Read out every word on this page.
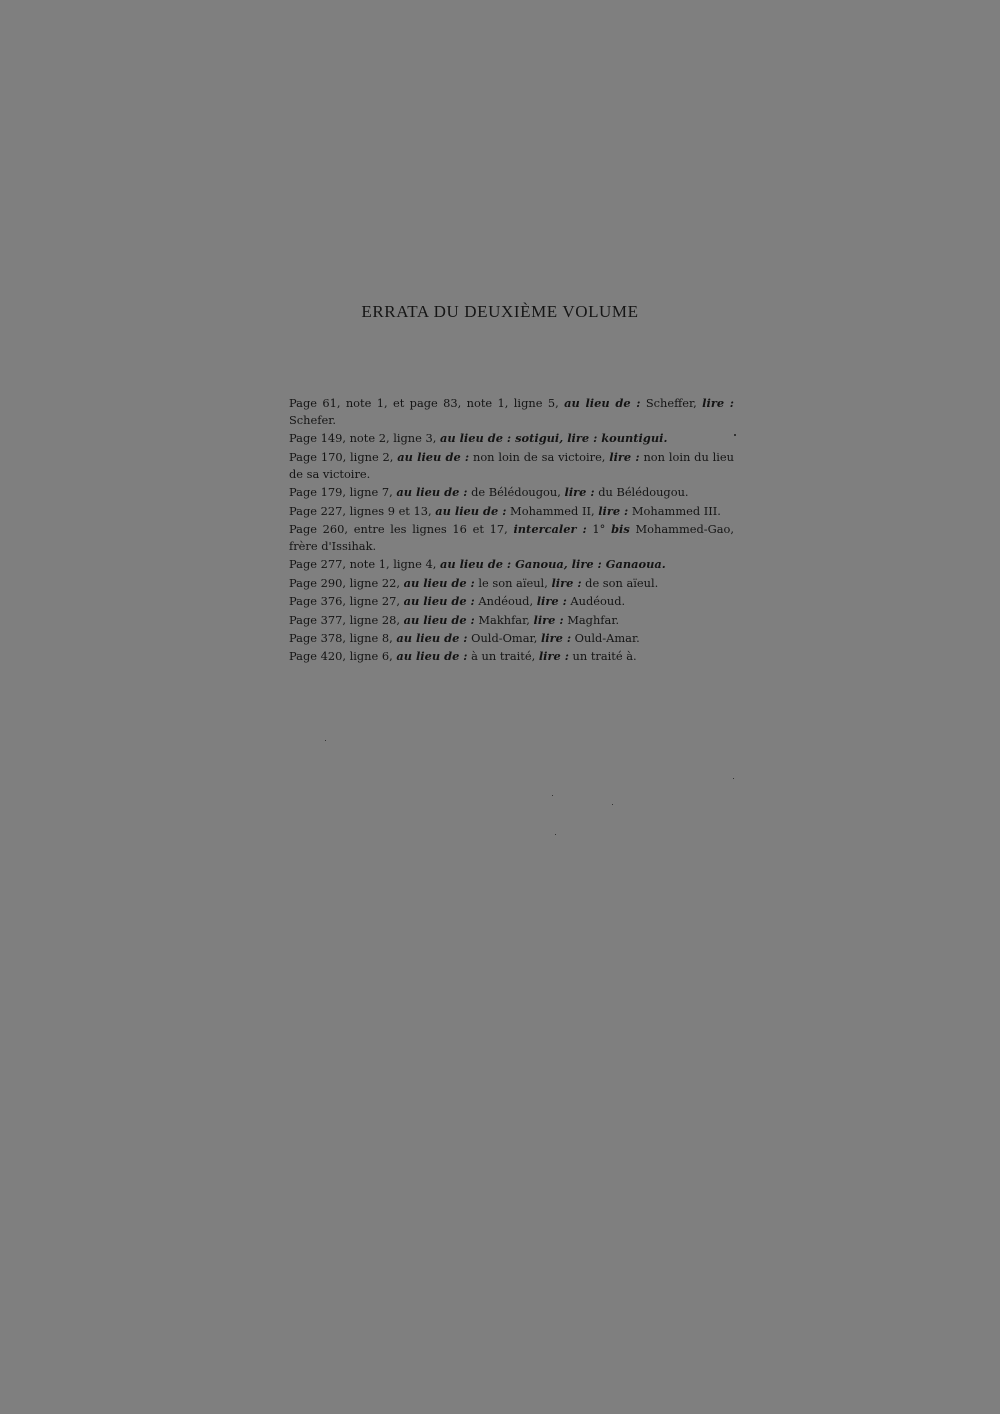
ERRATA DU DEUXIÈME VOLUME

Page 61, note 1, et page 83, note 1, ligne 5, au lieu de : Scheffer, lire : Schefer.

Page 149, note 2, ligne 3, au lieu de : sotigui, lire : kountigui.

Page 170, ligne 2, au lieu de : non loin de sa victoire, lire : non loin du lieu de sa victoire.

Page 179, ligne 7, au lieu de : de Bélédougou, lire : du Bélédougou.

Page 227, lignes 9 et 13, au lieu de : Mohammed II, lire : Mohammed III.

Page 260, entre les lignes 16 et 17, intercaler : 1° bis Mohammed-Gao, frère d'Issihak.

Page 277, note 1, ligne 4, au lieu de : Ganoua, lire : Ganaoua.

Page 290, ligne 22, au lieu de : le son aïeul, lire : de son aïeul.

Page 376, ligne 27, au lieu de : Andéoud, lire : Audéoud.

Page 377, ligne 28, au lieu de : Makhfar, lire : Maghfar.

Page 378, ligne 8, au lieu de : Ould-Omar, lire : Ould-Amar.

Page 420, ligne 6, au lieu de : à un traité, lire : un traité à.
